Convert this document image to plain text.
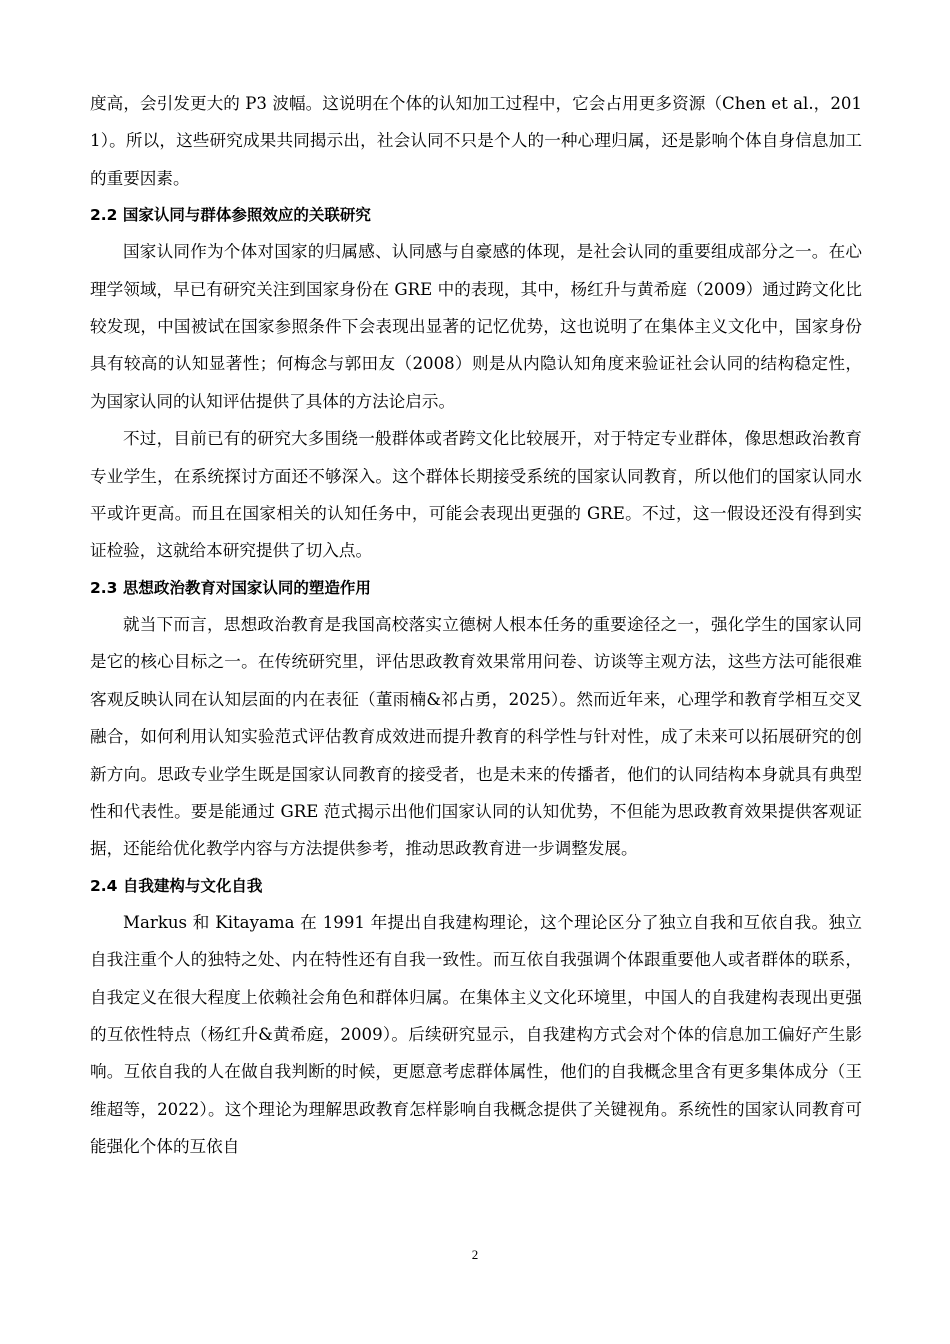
度高，会引发更大的 P3 波幅。这说明在个体的认知加工过程中，它会占用更多资源（Chen et al.，2011）。所以，这些研究成果共同揭示出，社会认同不只是个人的一种心理归属，还是影响个体自身信息加工的重要因素。

2.2 国家认同与群体参照效应的关联研究

国家认同作为个体对国家的归属感、认同感与自豪感的体现，是社会认同的重要组成部分之一。在心理学领域，早已有研究关注到国家身份在 GRE 中的表现，其中，杨红升与黄希庭（2009）通过跨文化比较发现，中国被试在国家参照条件下会表现出显著的记忆优势，这也说明了在集体主义文化中，国家身份具有较高的认知显著性；何梅念与郭田友（2008）则是从内隐认知角度来验证社会认同的结构稳定性，为国家认同的认知评估提供了具体的方法论启示。

不过，目前已有的研究大多围绕一般群体或者跨文化比较展开，对于特定专业群体，像思想政治教育专业学生，在系统探讨方面还不够深入。这个群体长期接受系统的国家认同教育，所以他们的国家认同水平或许更高。而且在国家相关的认知任务中，可能会表现出更强的 GRE。不过，这一假设还没有得到实证检验，这就给本研究提供了切入点。

2.3 思想政治教育对国家认同的塑造作用

就当下而言，思想政治教育是我国高校落实立德树人根本任务的重要途径之一，强化学生的国家认同是它的核心目标之一。在传统研究里，评估思政教育效果常用问卷、访谈等主观方法，这些方法可能很难客观反映认同在认知层面的内在表征（董雨楠&祁占勇，2025）。然而近年来，心理学和教育学相互交叉融合，如何利用认知实验范式评估教育成效进而提升教育的科学性与针对性，成了未来可以拓展研究的创新方向。思政专业学生既是国家认同教育的接受者，也是未来的传播者，他们的认同结构本身就具有典型性和代表性。要是能通过 GRE 范式揭示出他们国家认同的认知优势，不但能为思政教育效果提供客观证据，还能给优化教学内容与方法提供参考，推动思政教育进一步调整发展。

2.4 自我建构与文化自我

Markus 和 Kitayama 在 1991 年提出自我建构理论，这个理论区分了独立自我和互依自我。独立自我注重个人的独特之处、内在特性还有自我一致性。而互依自我强调个体跟重要他人或者群体的联系，自我定义在很大程度上依赖社会角色和群体归属。在集体主义文化环境里，中国人的自我建构表现出更强的互依性特点（杨红升&黄希庭，2009）。后续研究显示，自我建构方式会对个体的信息加工偏好产生影响。互依自我的人在做自我判断的时候，更愿意考虑群体属性，他们的自我概念里含有更多集体成分（王维超等，2022）。这个理论为理解思政教育怎样影响自我概念提供了关键视角。系统性的国家认同教育可能强化个体的互依自

2
